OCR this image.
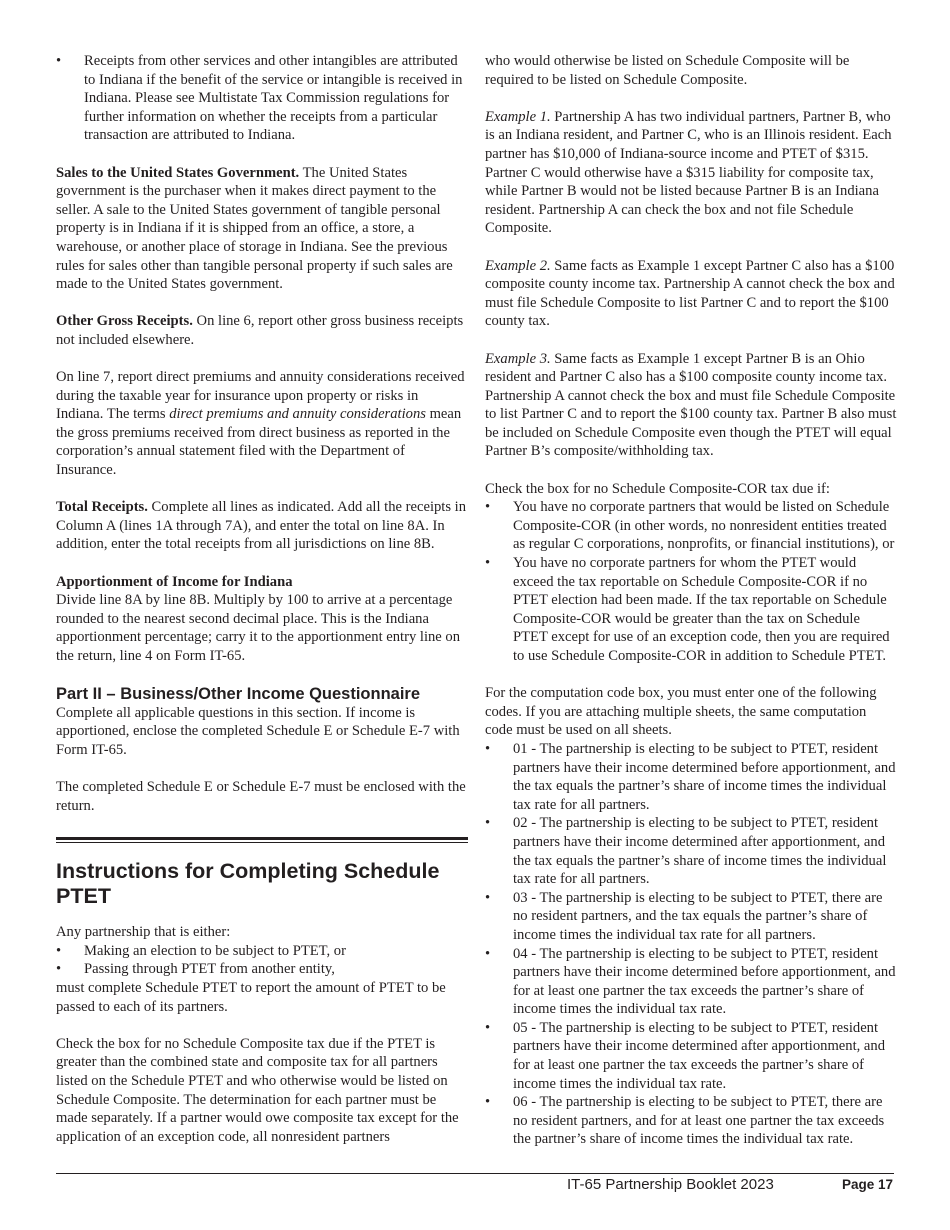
• Receipts from other services and other intangibles are attributed to Indiana if the benefit of the service or intangible is received in Indiana. Please see Multistate Tax Commission regulations for further information on whether the receipts from a particular transaction are attributed to Indiana.

Sales to the United States Government. The United States government is the purchaser when it makes direct payment to the seller. A sale to the United States government of tangible personal property is in Indiana if it is shipped from an office, a store, a warehouse, or another place of storage in Indiana. See the previous rules for sales other than tangible personal property if such sales are made to the United States government.

Other Gross Receipts. On line 6, report other gross business receipts not included elsewhere.

On line 7, report direct premiums and annuity considerations received during the taxable year for insurance upon property or risks in Indiana. The terms direct premiums and annuity considerations mean the gross premiums received from direct business as reported in the corporation’s annual statement filed with the Department of Insurance.

Total Receipts. Complete all lines as indicated. Add all the receipts in Column A (lines 1A through 7A), and enter the total on line 8A. In addition, enter the total receipts from all jurisdictions on line 8B.

Apportionment of Income for Indiana
Divide line 8A by line 8B. Multiply by 100 to arrive at a percentage rounded to the nearest second decimal place. This is the Indiana apportionment percentage; carry it to the apportionment entry line on the return, line 4 on Form IT-65.
Part II – Business/Other Income Questionnaire

Complete all applicable questions in this section. If income is apportioned, enclose the completed Schedule E or Schedule E-7 with Form IT-65.

The completed Schedule E or Schedule E-7 must be enclosed with the return.

Instructions for Completing Schedule PTET
Any partnership that is either:
• Making an election to be subject to PTET, or
• Passing through PTET from another entity,

must complete Schedule PTET to report the amount of PTET to be passed to each of its partners.

Check the box for no Schedule Composite tax due if the PTET is greater than the combined state and composite tax for all partners listed on the Schedule PTET and who otherwise would be listed on Schedule Composite. The determination for each partner must be made separately. If a partner would owe composite tax except for the application of an exception code, all nonresident partners

who would otherwise be listed on Schedule Composite will be required to be listed on Schedule Composite.

Example 1. Partnership A has two individual partners, Partner B, who is an Indiana resident, and Partner C, who is an Illinois resident. Each partner has $10,000 of Indiana-source income and PTET of $315. Partner C would otherwise have a $315 liability for composite tax, while Partner B would not be listed because Partner B is an Indiana resident. Partnership A can check the box and not file Schedule Composite.

Example 2. Same facts as Example 1 except Partner C also has a $100 composite county income tax. Partnership A cannot check the box and must file Schedule Composite to list Partner C and to report the $100 county tax.

Example 3. Same facts as Example 1 except Partner B is an Ohio resident and Partner C also has a $100 composite county income tax. Partnership A cannot check the box and must file Schedule Composite to list Partner C and to report the $100 county tax. Partner B also must be included on Schedule Composite even though the PTET will equal Partner B’s composite/withholding tax.

Check the box for no Schedule Composite-COR tax due if:
• You have no corporate partners that would be listed on Schedule Composite-COR (in other words, no nonresident entities treated as regular C corporations, nonprofits, or financial institutions), or
• You have no corporate partners for whom the PTET would exceed the tax reportable on Schedule Composite-COR if no PTET election had been made. If the tax reportable on Schedule Composite-COR would be greater than the tax on Schedule PTET except for use of an exception code, then you are required to use Schedule Composite-COR in addition to Schedule PTET.
For the computation code box, you must enter one of the following codes. If you are attaching multiple sheets, the same computation code must be used on all sheets.
• 01 - The partnership is electing to be subject to PTET, resident partners have their income determined before apportionment, and the tax equals the partner’s share of income times the individual tax rate for all partners.
• 02 - The partnership is electing to be subject to PTET, resident partners have their income determined after apportionment, and the tax equals the partner’s share of income times the individual tax rate for all partners.
• 03 - The partnership is electing to be subject to PTET, there are no resident partners, and the tax equals the partner’s share of income times the individual tax rate for all partners.
• 04 - The partnership is electing to be subject to PTET, resident partners have their income determined before apportionment, and for at least one partner the tax exceeds the partner’s share of income times the individual tax rate.
• 05 - The partnership is electing to be subject to PTET, resident partners have their income determined after apportionment, and for at least one partner the tax exceeds the partner’s share of income times the individual tax rate.
• 06 - The partnership is electing to be subject to PTET, there are no resident partners, and for at least one partner the tax exceeds the partner’s share of income times the individual tax rate.
IT-65 Partnership Booklet 2023	Page 17
